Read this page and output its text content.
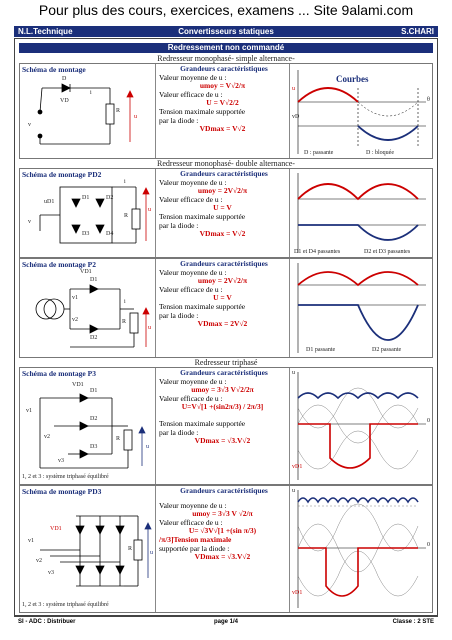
Pour plus des cours, exercices, examens ... Site 9alami.com
N.L.Technique	Convertisseurs statiques	S.CHARI
Redressement non commandé
Redresseur monophasé- simple alternance-
Schéma de montage
D
i
u
R
v
VD
Grandeurs caractéristiques
Valeur moyenne de u :
umoy = V√2/π
Valeur efficace de u :
U = V√2/2
Tension maximale supportée
par la diode :
VDmax = V√2
Courbes
u
vD
θ
D : passante	D : bloquée
Redresseur monophasé- double alternance-
Schéma de montage PD2
D1	D2
D3	D4
uD1
v
i
u
R
Grandeurs caractéristiques
Valeur moyenne de u :
umoy = 2V√2/π
Valeur efficace de u :
U = V
Tension maximale supportée
par la diode :
VDmax = V√2
D1 et D4 passantes	D2 et D3 passantes
Schéma de montage P2
D1
D2
VD1
v1
v2
i
R
u
Grandeurs caractéristiques
Valeur moyenne de u :
umoy = 2V√2/π
Valeur efficace de u :
U = V
Tension maximale supportée
par la diode :
VDmax = 2V√2
D1 passante	D2 passante
Redresseur triphasé
Schéma de montage P3
VD1
v1
v2
v3
D1
D2
D3
R
u
1, 2 et 3 : système triphasé équilibré
Grandeurs caractéristiques
Valeur moyenne de u :
umoy = 3√3 V√2/2π
Valeur efficace de u :
U=V√[1 +(sin2π/3) / 2π/3]
Tension maximale supportée
par la diode :
VDmax = √3.V√2
u
vD1
0
Schéma de montage PD3
VD1
v1
v2
v3
R
u
1, 2 et 3 : système triphasé équilibré
Grandeurs caractéristiques
Valeur moyenne de u :
umoy = 3√3 V √2/π
Valeur efficace de u :
U= √3V√[1 +(sin π/3)
/π/3]Tension maximale
supportée par la diode :
VDmax = √3.V√2
u
vD1
0
SI - ADC : Distribuer	page 1/4	Classe : 2 STE
